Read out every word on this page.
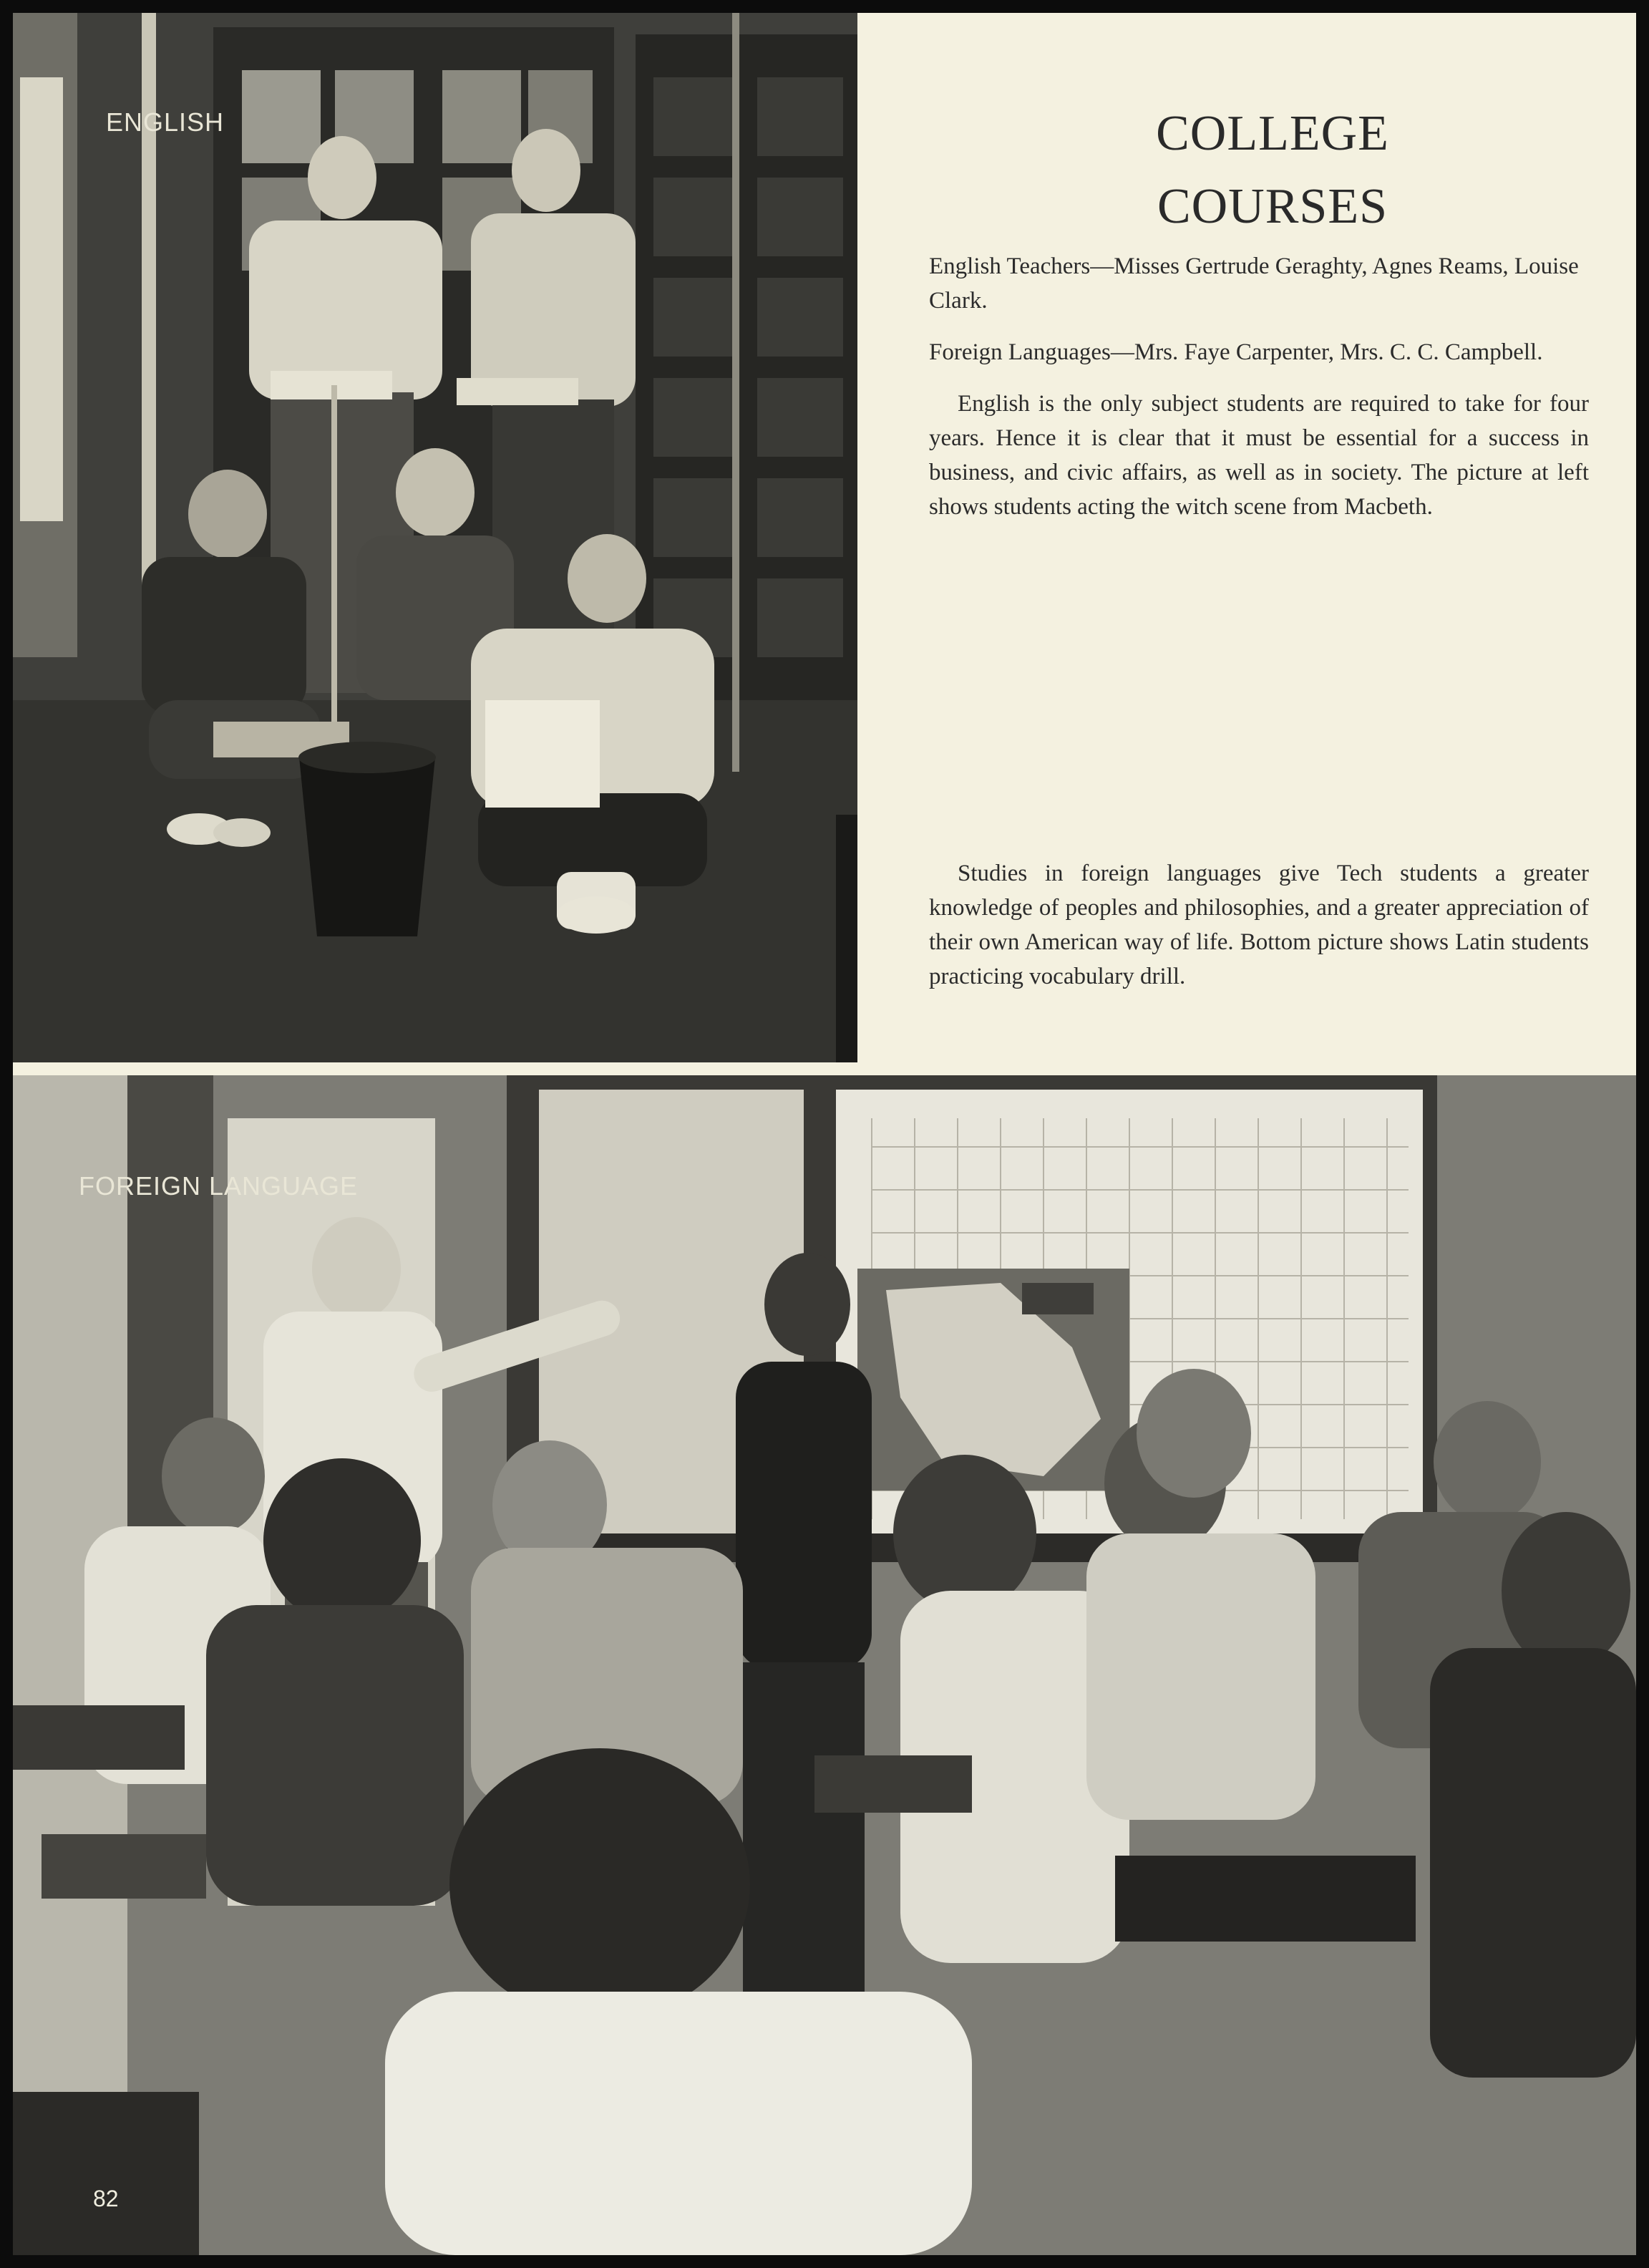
ENGLISH	COLLEGE
COURSES

English Teachers—Misses Gertrude Geraghty, Agnes Reams, Louise Clark.

Foreign Languages—Mrs. Faye Carpenter, Mrs. C. C. Campbell.

English is the only subject students are required to take for four years. Hence it is clear that it must be essential for a success in business, and civic affairs, as well as in society. The picture at left shows students acting the witch scene from Macbeth.

Studies in foreign languages give Tech students a greater knowledge of peoples and philosophies, and a greater appreciation of their own American way of life. Bottom picture shows Latin students practicing vocabulary drill.

FOREIGN LANGUAGE
82
